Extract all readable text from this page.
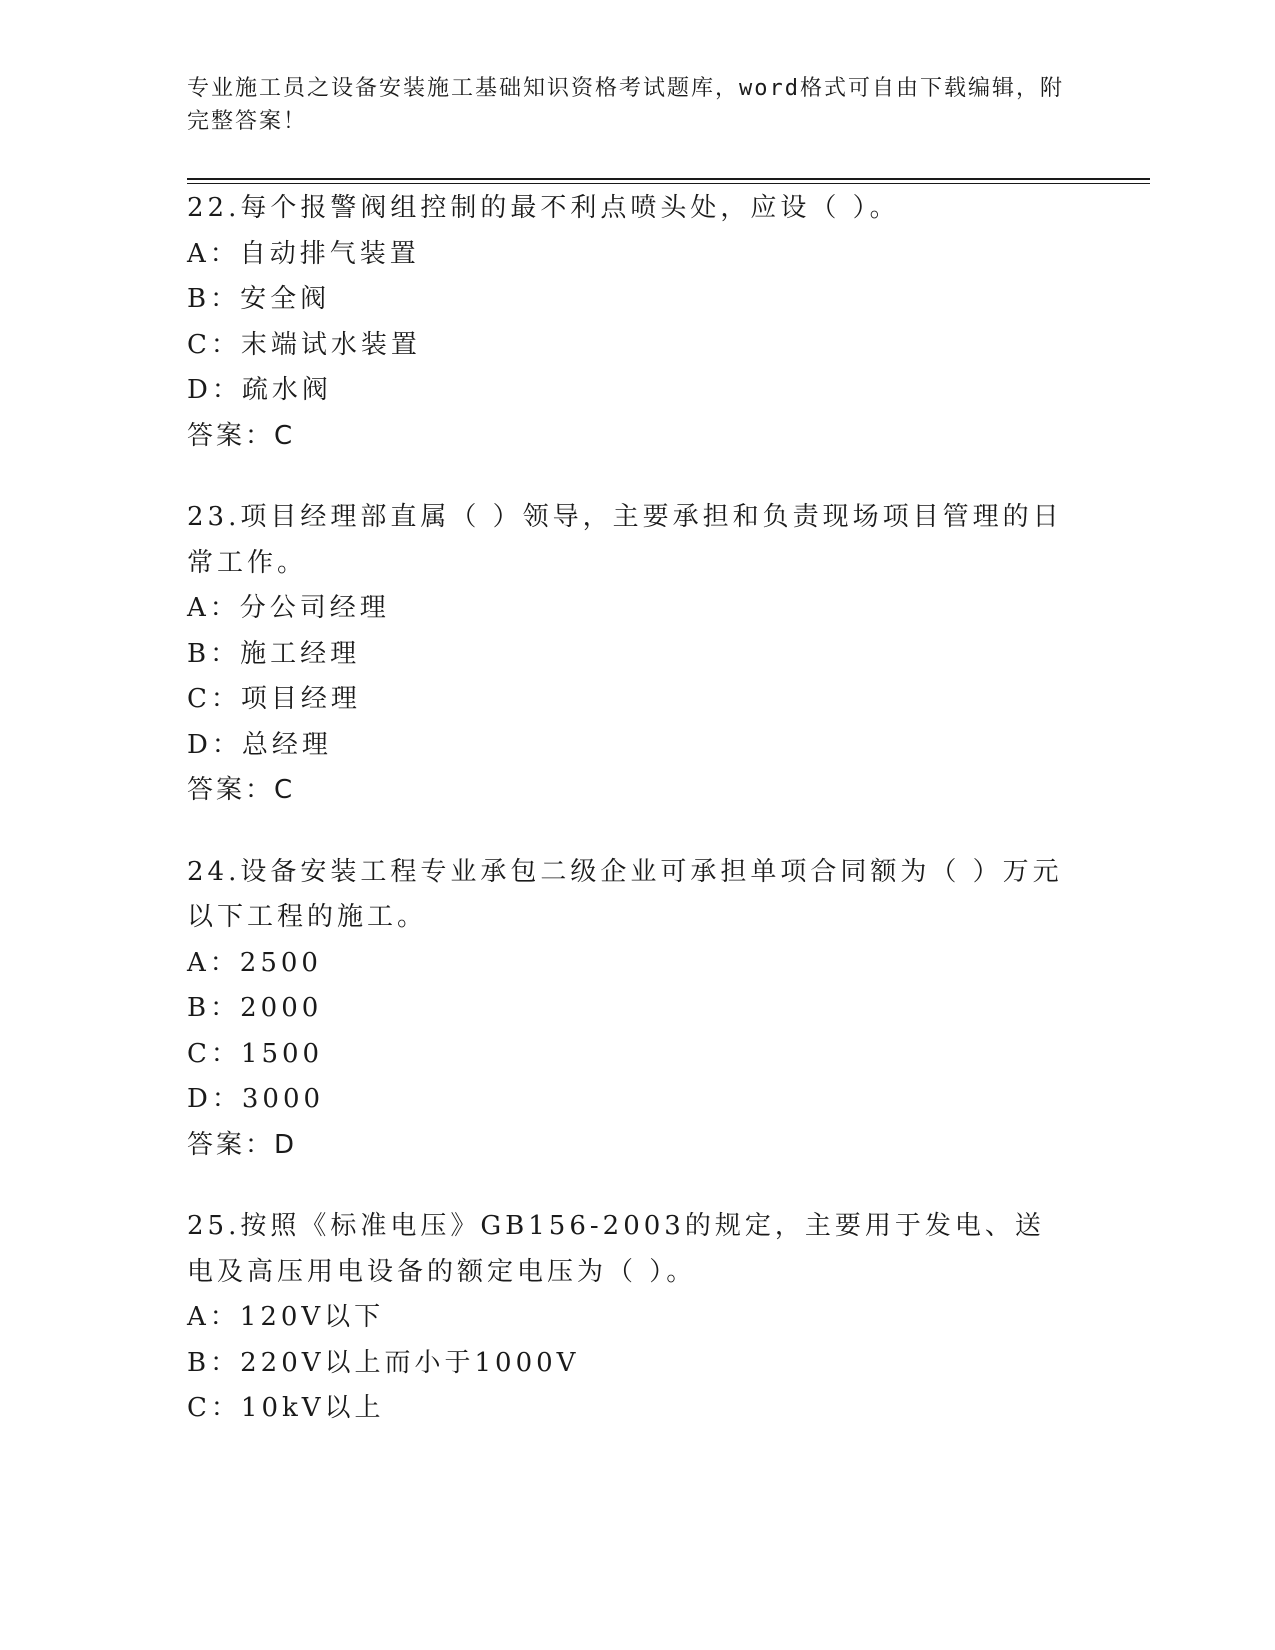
专业施工员之设备安装施工基础知识资格考试题库，word格式可自由下载编辑，附完整答案！
22.每个报警阀组控制的最不利点喷头处，应设（ ）。
A：自动排气装置
B：安全阀
C：末端试水装置
D：疏水阀
答案：C
23.项目经理部直属（ ）领导，主要承担和负责现场项目管理的日常工作。
A：分公司经理
B：施工经理
C：项目经理
D：总经理
答案：C
24.设备安装工程专业承包二级企业可承担单项合同额为（ ）万元以下工程的施工。
A：2500
B：2000
C：1500
D：3000
答案：D
25.按照《标准电压》GB156-2003的规定，主要用于发电、送电及高压用电设备的额定电压为（ ）。
A：120V以下
B：220V以上而小于1000V
C：10kV以上
